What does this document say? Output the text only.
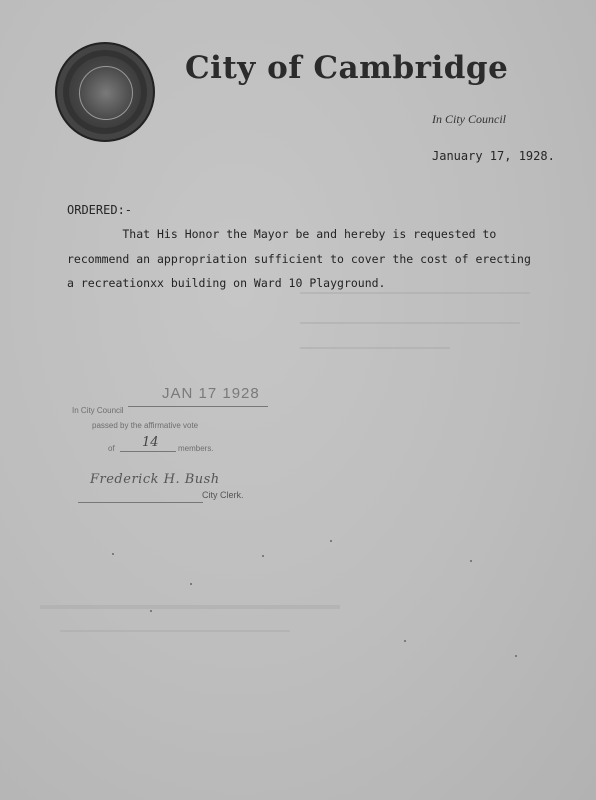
City of Cambridge
In City Council
January 17, 1928.
ORDERED:-
That His Honor the Mayor be and hereby is requested to
recommend an appropriation sufficient to cover the cost of erecting
a recreationxx building on Ward 10 Playground.
In City Council
JAN 17 1928
passed by the affirmative vote
of 14 members.
Frederick H. Bush
City Clerk.
